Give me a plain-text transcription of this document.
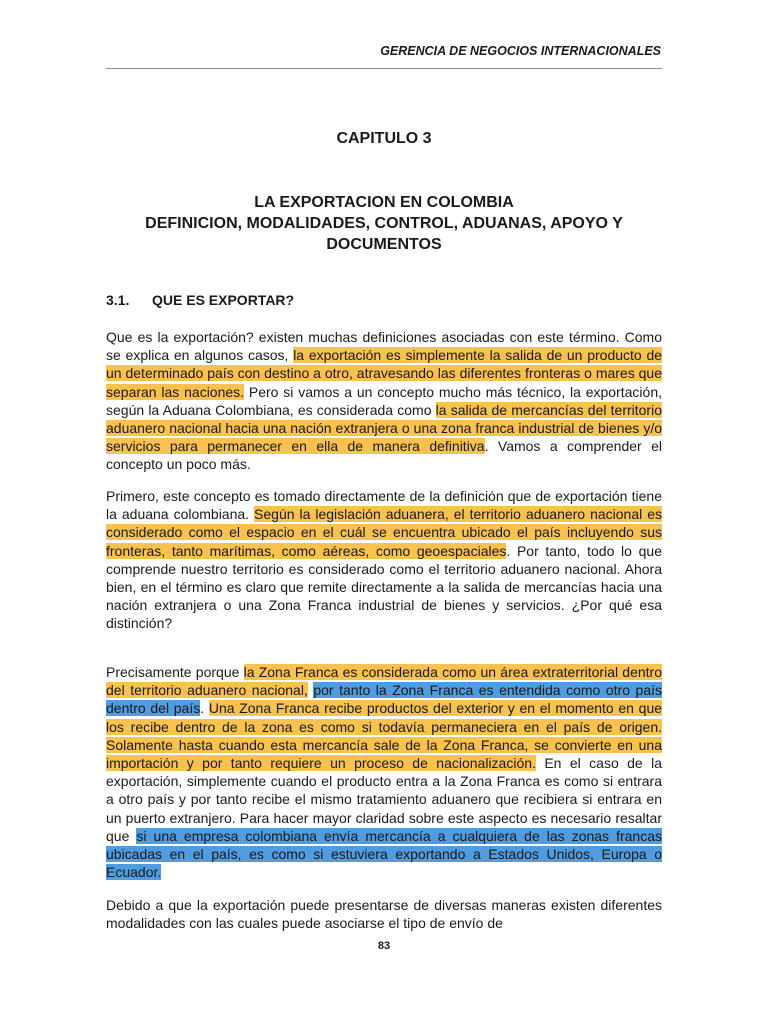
GERENCIA DE NEGOCIOS INTERNACIONALES
CAPITULO 3
LA EXPORTACION EN COLOMBIA
DEFINICION, MODALIDADES, CONTROL, ADUANAS, APOYO Y
DOCUMENTOS
3.1. QUE ES EXPORTAR?
Que es la exportación? existen muchas definiciones asociadas con este término. Como se explica en algunos casos, la exportación es simplemente la salida de un producto de un determinado país con destino a otro, atravesando las diferentes fronteras o mares que separan las naciones. Pero si vamos a un concepto mucho más técnico, la exportación, según la Aduana Colombiana, es considerada como la salida de mercancías del territorio aduanero nacional hacia una nación extranjera o una zona franca industrial de bienes y/o servicios para permanecer en ella de manera definitiva. Vamos a comprender el concepto un poco más.
Primero, este concepto es tomado directamente de la definición que de exportación tiene la aduana colombiana. Según la legislación aduanera, el territorio aduanero nacional es considerado como el espacio en el cuál se encuentra ubicado el país incluyendo sus fronteras, tanto marítimas, como aéreas, como geoespaciales. Por tanto, todo lo que comprende nuestro territorio es considerado como el territorio aduanero nacional. Ahora bien, en el término es claro que remite directamente a la salida de mercancías hacia una nación extranjera o una Zona Franca industrial de bienes y servicios. ¿Por qué esa distinción?
Precisamente porque la Zona Franca es considerada como un área extraterritorial dentro del territorio aduanero nacional, por tanto la Zona Franca es entendida como otro país dentro del país. Una Zona Franca recibe productos del exterior y en el momento en que los recibe dentro de la zona es como si todavía permaneciera en el país de origen. Solamente hasta cuando esta mercancía sale de la Zona Franca, se convierte en una importación y por tanto requiere un proceso de nacionalización. En el caso de la exportación, simplemente cuando el producto entra a la Zona Franca es como si entrara a otro país y por tanto recibe el mismo tratamiento aduanero que recibiera si entrara en un puerto extranjero. Para hacer mayor claridad sobre este aspecto es necesario resaltar que si una empresa colombiana envía mercancía a cualquiera de las zonas francas ubicadas en el país, es como si estuviera exportando a Estados Unidos, Europa o Ecuador.
Debido a que la exportación puede presentarse de diversas maneras existen diferentes modalidades con las cuales puede asociarse el tipo de envío de
83
